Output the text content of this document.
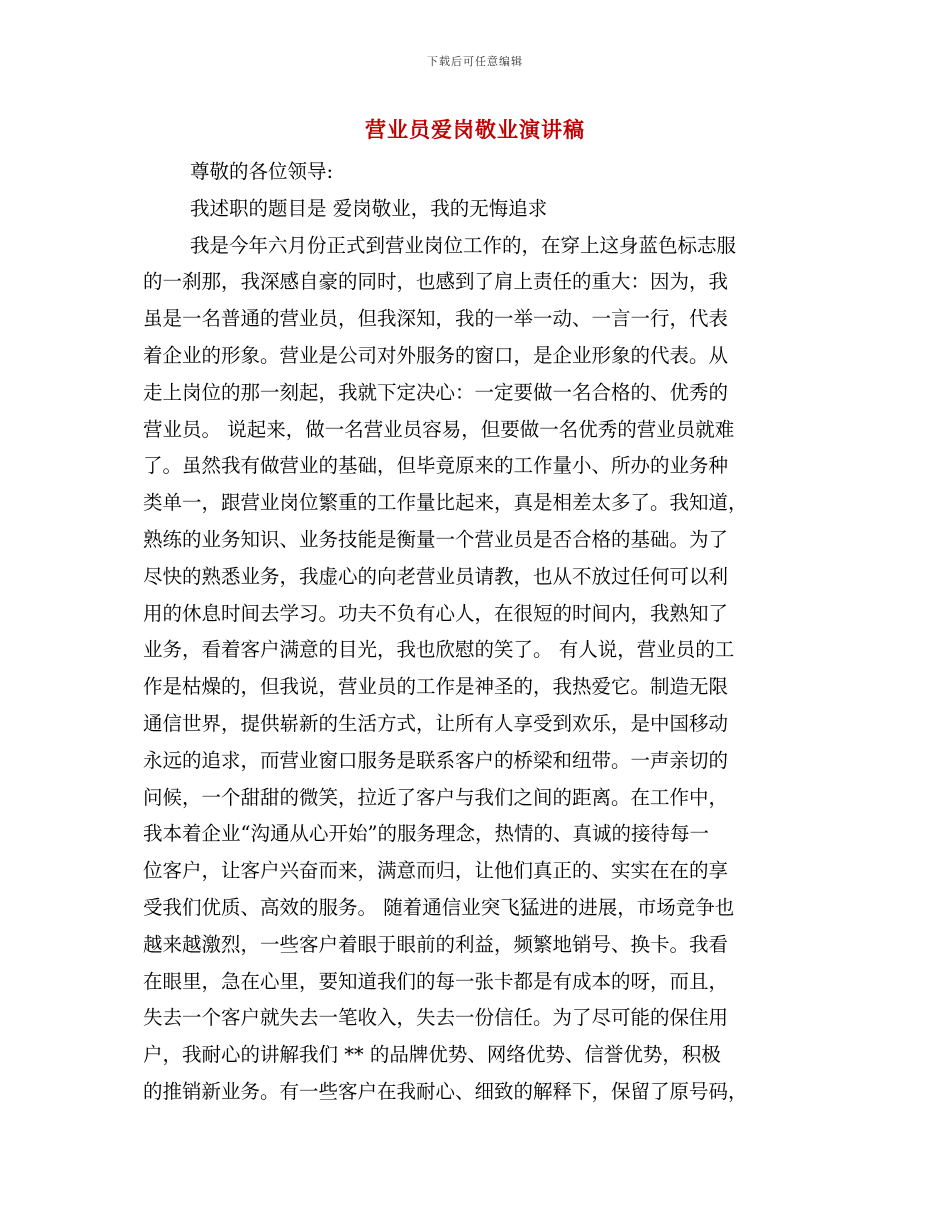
下载后可任意编辑
营业员爱岗敬业演讲稿
尊敬的各位领导:
我述职的题目是 爱岗敬业，我的无悔追求
我是今年六月份正式到营业岗位工作的，在穿上这身蓝色标志服
的一刹那，我深感自豪的同时，也感到了肩上责任的重大：因为，我
虽是一名普通的营业员，但我深知，我的一举一动、一言一行，代表
着企业的形象。营业是公司对外服务的窗口，是企业形象的代表。从
走上岗位的那一刻起，我就下定决心：一定要做一名合格的、优秀的
营业员。 说起来，做一名营业员容易，但要做一名优秀的营业员就难
了。虽然我有做营业的基础，但毕竟原来的工作量小、所办的业务种
类单一，跟营业岗位繁重的工作量比起来，真是相差太多了。我知道，
熟练的业务知识、业务技能是衡量一个营业员是否合格的基础。为了
尽快的熟悉业务，我虚心的向老营业员请教，也从不放过任何可以利
用的休息时间去学习。功夫不负有心人，在很短的时间内，我熟知了
业务，看着客户满意的目光，我也欣慰的笑了。 有人说，营业员的工
作是枯燥的，但我说，营业员的工作是神圣的，我热爱它。制造无限
通信世界，提供崭新的生活方式，让所有人享受到欢乐，是中国移动
永远的追求，而营业窗口服务是联系客户的桥梁和纽带。一声亲切的
问候，一个甜甜的微笑，拉近了客户与我们之间的距离。在工作中，
我本着企业“沟通从心开始”的服务理念，热情的、真诚的接待每一
位客户，让客户兴奋而来，满意而归，让他们真正的、实实在在的享
受我们优质、高效的服务。 随着通信业突飞猛进的进展，市场竞争也
越来越激烈，一些客户着眼于眼前的利益，频繁地销号、换卡。我看
在眼里，急在心里，要知道我们的每一张卡都是有成本的呀，而且，
失去一个客户就失去一笔收入，失去一份信任。为了尽可能的保住用
户，我耐心的讲解我们 ** 的品牌优势、网络优势、信誉优势，积极
的推销新业务。有一些客户在我耐心、细致的解释下，保留了原号码，
